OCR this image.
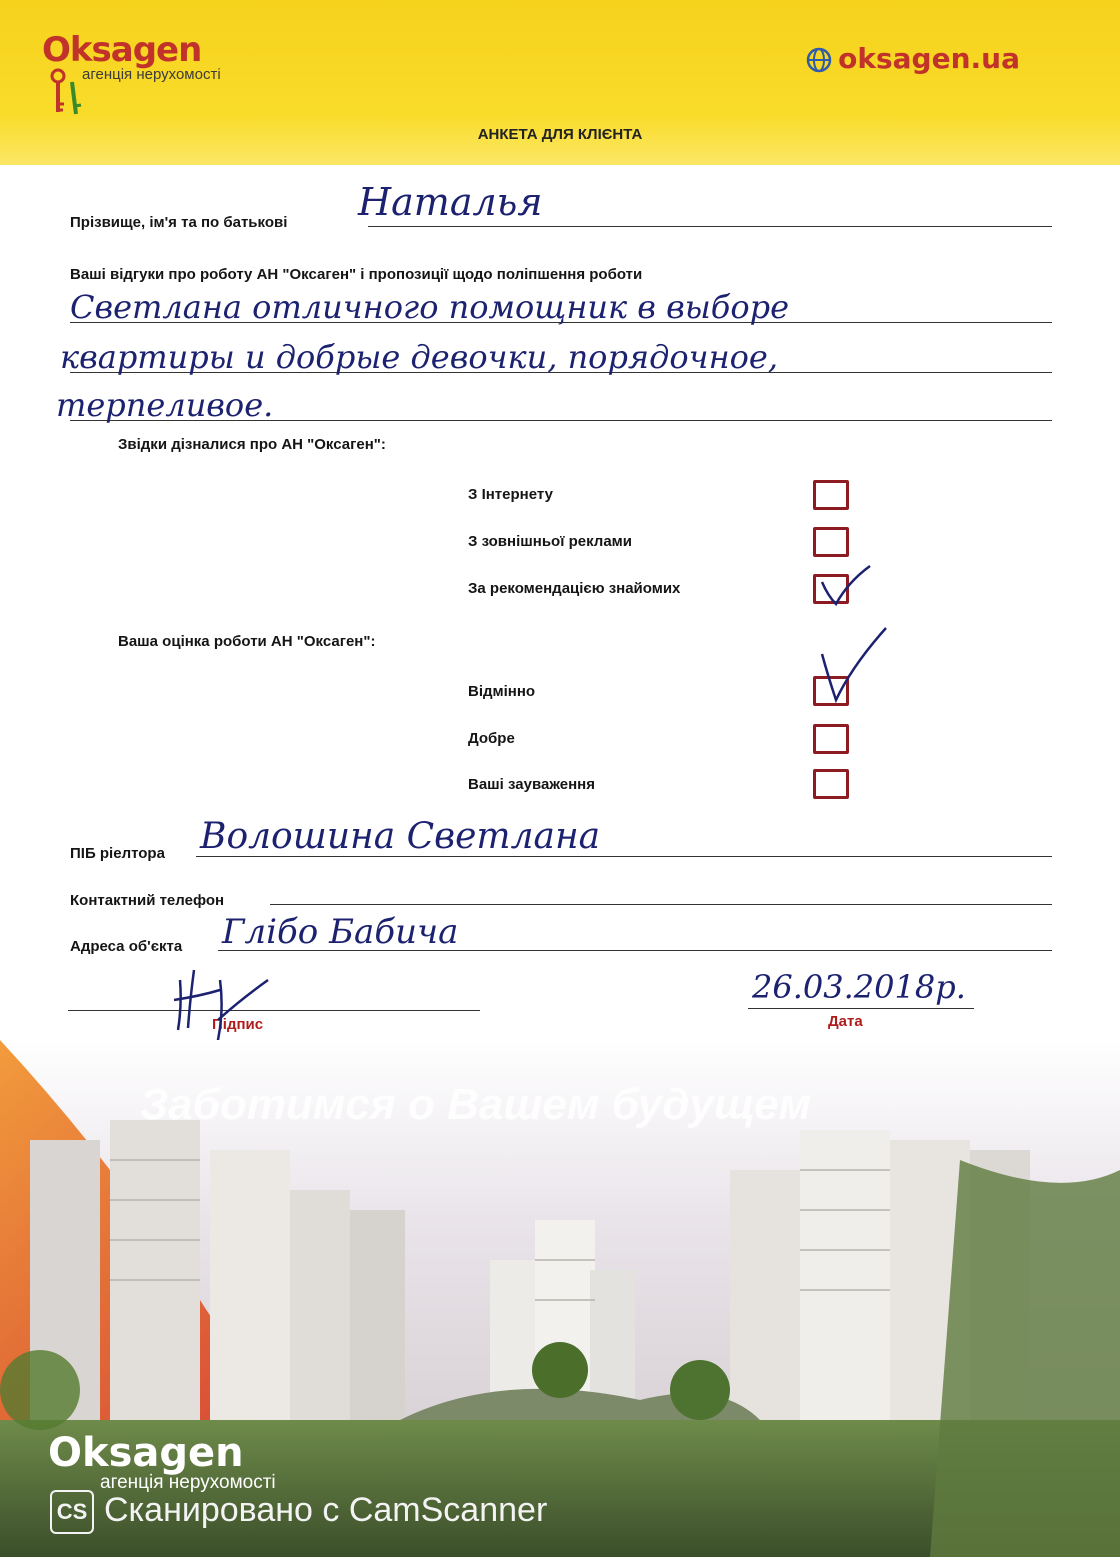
Oksagen
агенція нерухомості	oksagen.ua
АНКЕТА ДЛЯ КЛІЄНТА
Прізвище, ім'я та по батькові Наталья
Ваші відгуки про роботу АН "Оксаген" і пропозиції щодо поліпшення роботи
Светлана отличного помощник в выборе
квартиры и добрые девочки, порядочное,
терпеливое.
Звідки дізналися про АН "Оксаген":
З Інтернету
З зовнішньої реклами
За рекомендацією знайомих
Ваша оцінка роботи АН "Оксаген":
Відмінно
Добре
Ваші зауваження
ПІБ ріелтора Волошина Светлана
Контактний телефон
Адреса об'єкта Глібо Бабича
Підпис	Дата
26.03.2018р.
Заботимся о Вашем будущем
Oksagen
агенція нерухомості
CS Сканировано с CamScanner
